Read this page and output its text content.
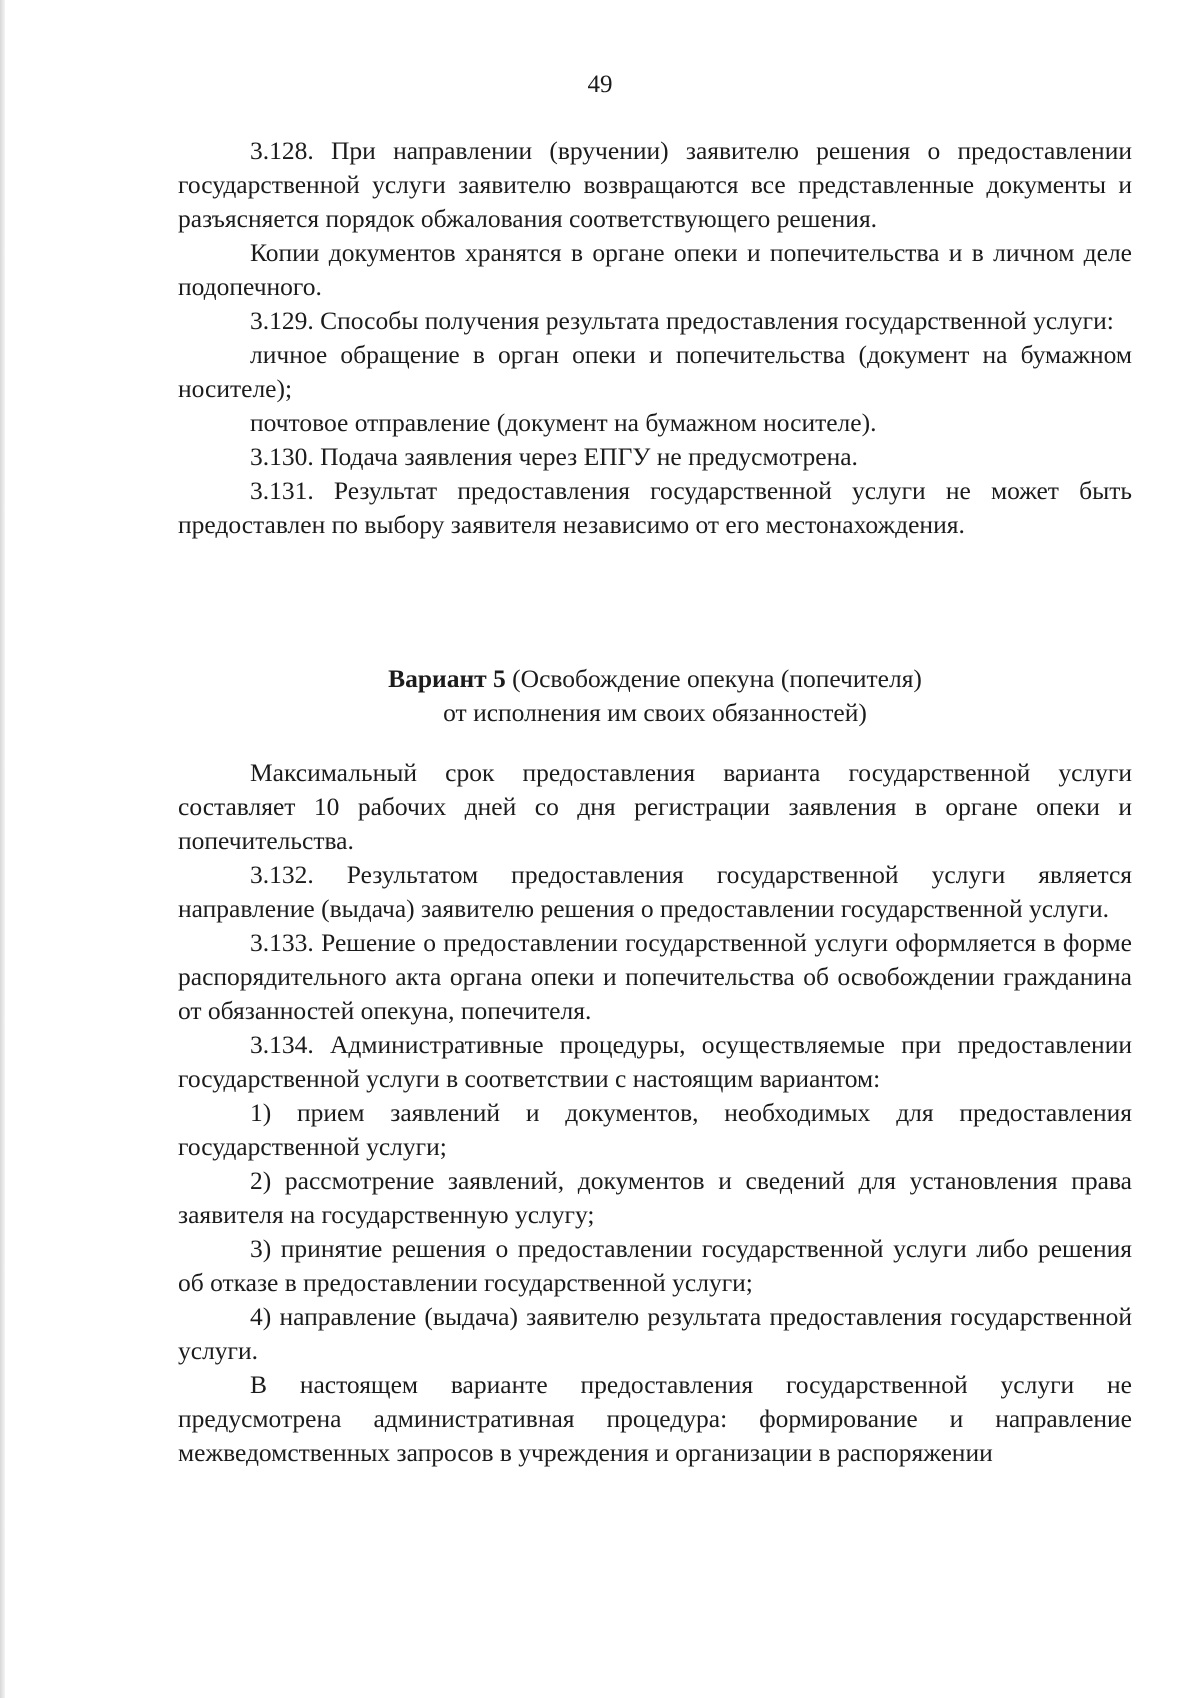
49

3.128. При направлении (вручении) заявителю решения о предоставлении государственной услуги заявителю возвращаются все представленные документы и разъясняется порядок обжалования соответствующего решения.

Копии документов хранятся в органе опеки и попечительства и в личном деле подопечного.

3.129. Способы получения результата предоставления государственной услуги:

личное обращение в орган опеки и попечительства (документ на бумажном носителе);

почтовое отправление (документ на бумажном носителе).

3.130. Подача заявления через ЕПГУ не предусмотрена.

3.131. Результат предоставления государственной услуги не может быть предоставлен по выбору заявителя независимо от его местонахождения.

Вариант 5 (Освобождение опекуна (попечителя)
от исполнения им своих обязанностей)

Максимальный срок предоставления варианта государственной услуги составляет 10 рабочих дней со дня регистрации заявления в органе опеки и попечительства.

3.132. Результатом предоставления государственной услуги является направление (выдача) заявителю решения о предоставлении государственной услуги.

3.133. Решение о предоставлении государственной услуги оформляется в форме распорядительного акта органа опеки и попечительства об освобождении гражданина от обязанностей опекуна, попечителя.

3.134. Административные процедуры, осуществляемые при предоставлении государственной услуги в соответствии с настоящим вариантом:

1) прием заявлений и документов, необходимых для предоставления государственной услуги;

2) рассмотрение заявлений, документов и сведений для установления права заявителя на государственную услугу;

3) принятие решения о предоставлении государственной услуги либо решения об отказе в предоставлении государственной услуги;

4) направление (выдача) заявителю результата предоставления государственной услуги.

В настоящем варианте предоставления государственной услуги не предусмотрена административная процедура: формирование и направление межведомственных запросов в учреждения и организации в распоряжении
